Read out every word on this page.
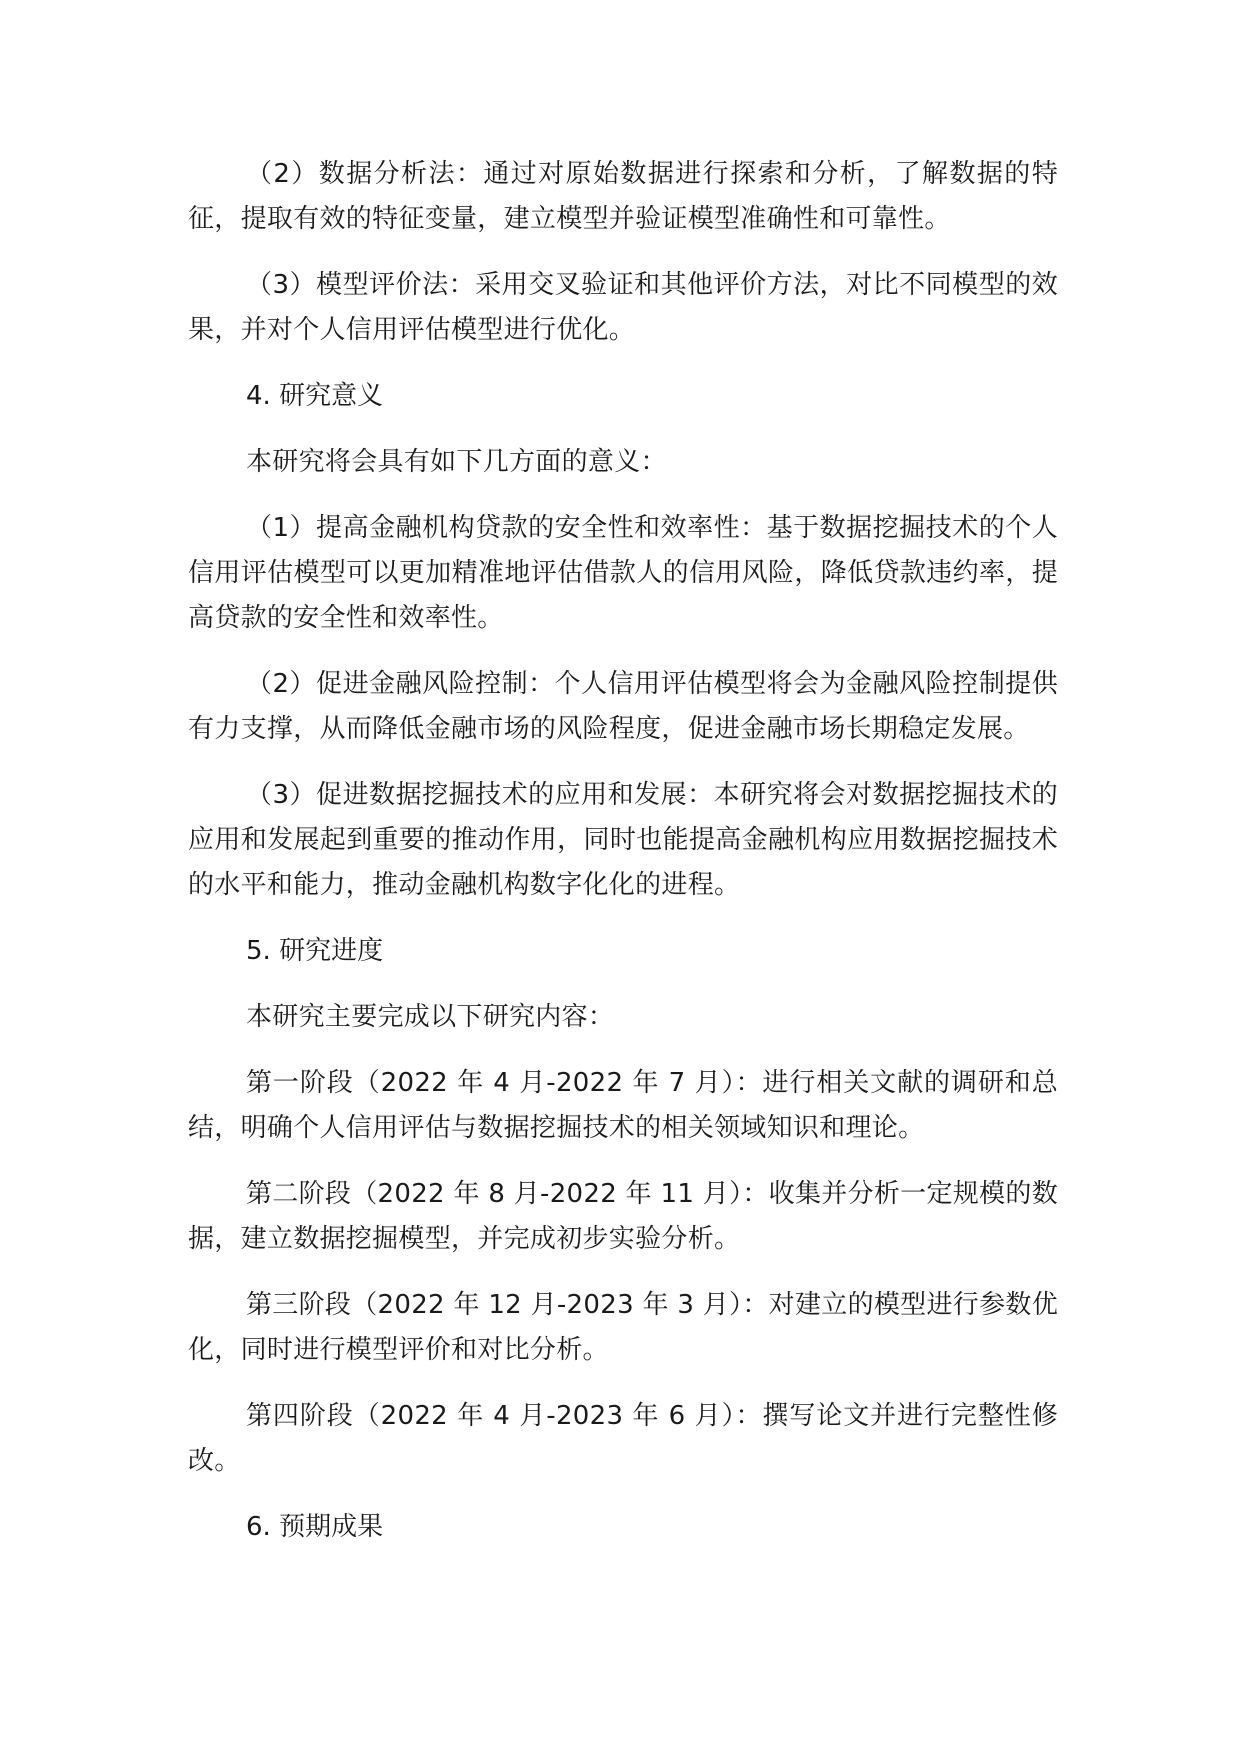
（2）数据分析法：通过对原始数据进行探索和分析，了解数据的特征，提取有效的特征变量，建立模型并验证模型准确性和可靠性。

（3）模型评价法：采用交叉验证和其他评价方法，对比不同模型的效果，并对个人信用评估模型进行优化。

4. 研究意义

本研究将会具有如下几方面的意义：

（1）提高金融机构贷款的安全性和效率性：基于数据挖掘技术的个人信用评估模型可以更加精准地评估借款人的信用风险，降低贷款违约率，提高贷款的安全性和效率性。

（2）促进金融风险控制：个人信用评估模型将会为金融风险控制提供有力支撑，从而降低金融市场的风险程度，促进金融市场长期稳定发展。

（3）促进数据挖掘技术的应用和发展：本研究将会对数据挖掘技术的应用和发展起到重要的推动作用，同时也能提高金融机构应用数据挖掘技术的水平和能力，推动金融机构数字化化的进程。

5. 研究进度

本研究主要完成以下研究内容：

第一阶段（2022 年 4 月-2022 年 7 月）：进行相关文献的调研和总结，明确个人信用评估与数据挖掘技术的相关领域知识和理论。

第二阶段（2022 年 8 月-2022 年 11 月）：收集并分析一定规模的数据，建立数据挖掘模型，并完成初步实验分析。

第三阶段（2022 年 12 月-2023 年 3 月）：对建立的模型进行参数优化，同时进行模型评价和对比分析。

第四阶段（2022 年 4 月-2023 年 6 月）：撰写论文并进行完整性修改。

6. 预期成果
